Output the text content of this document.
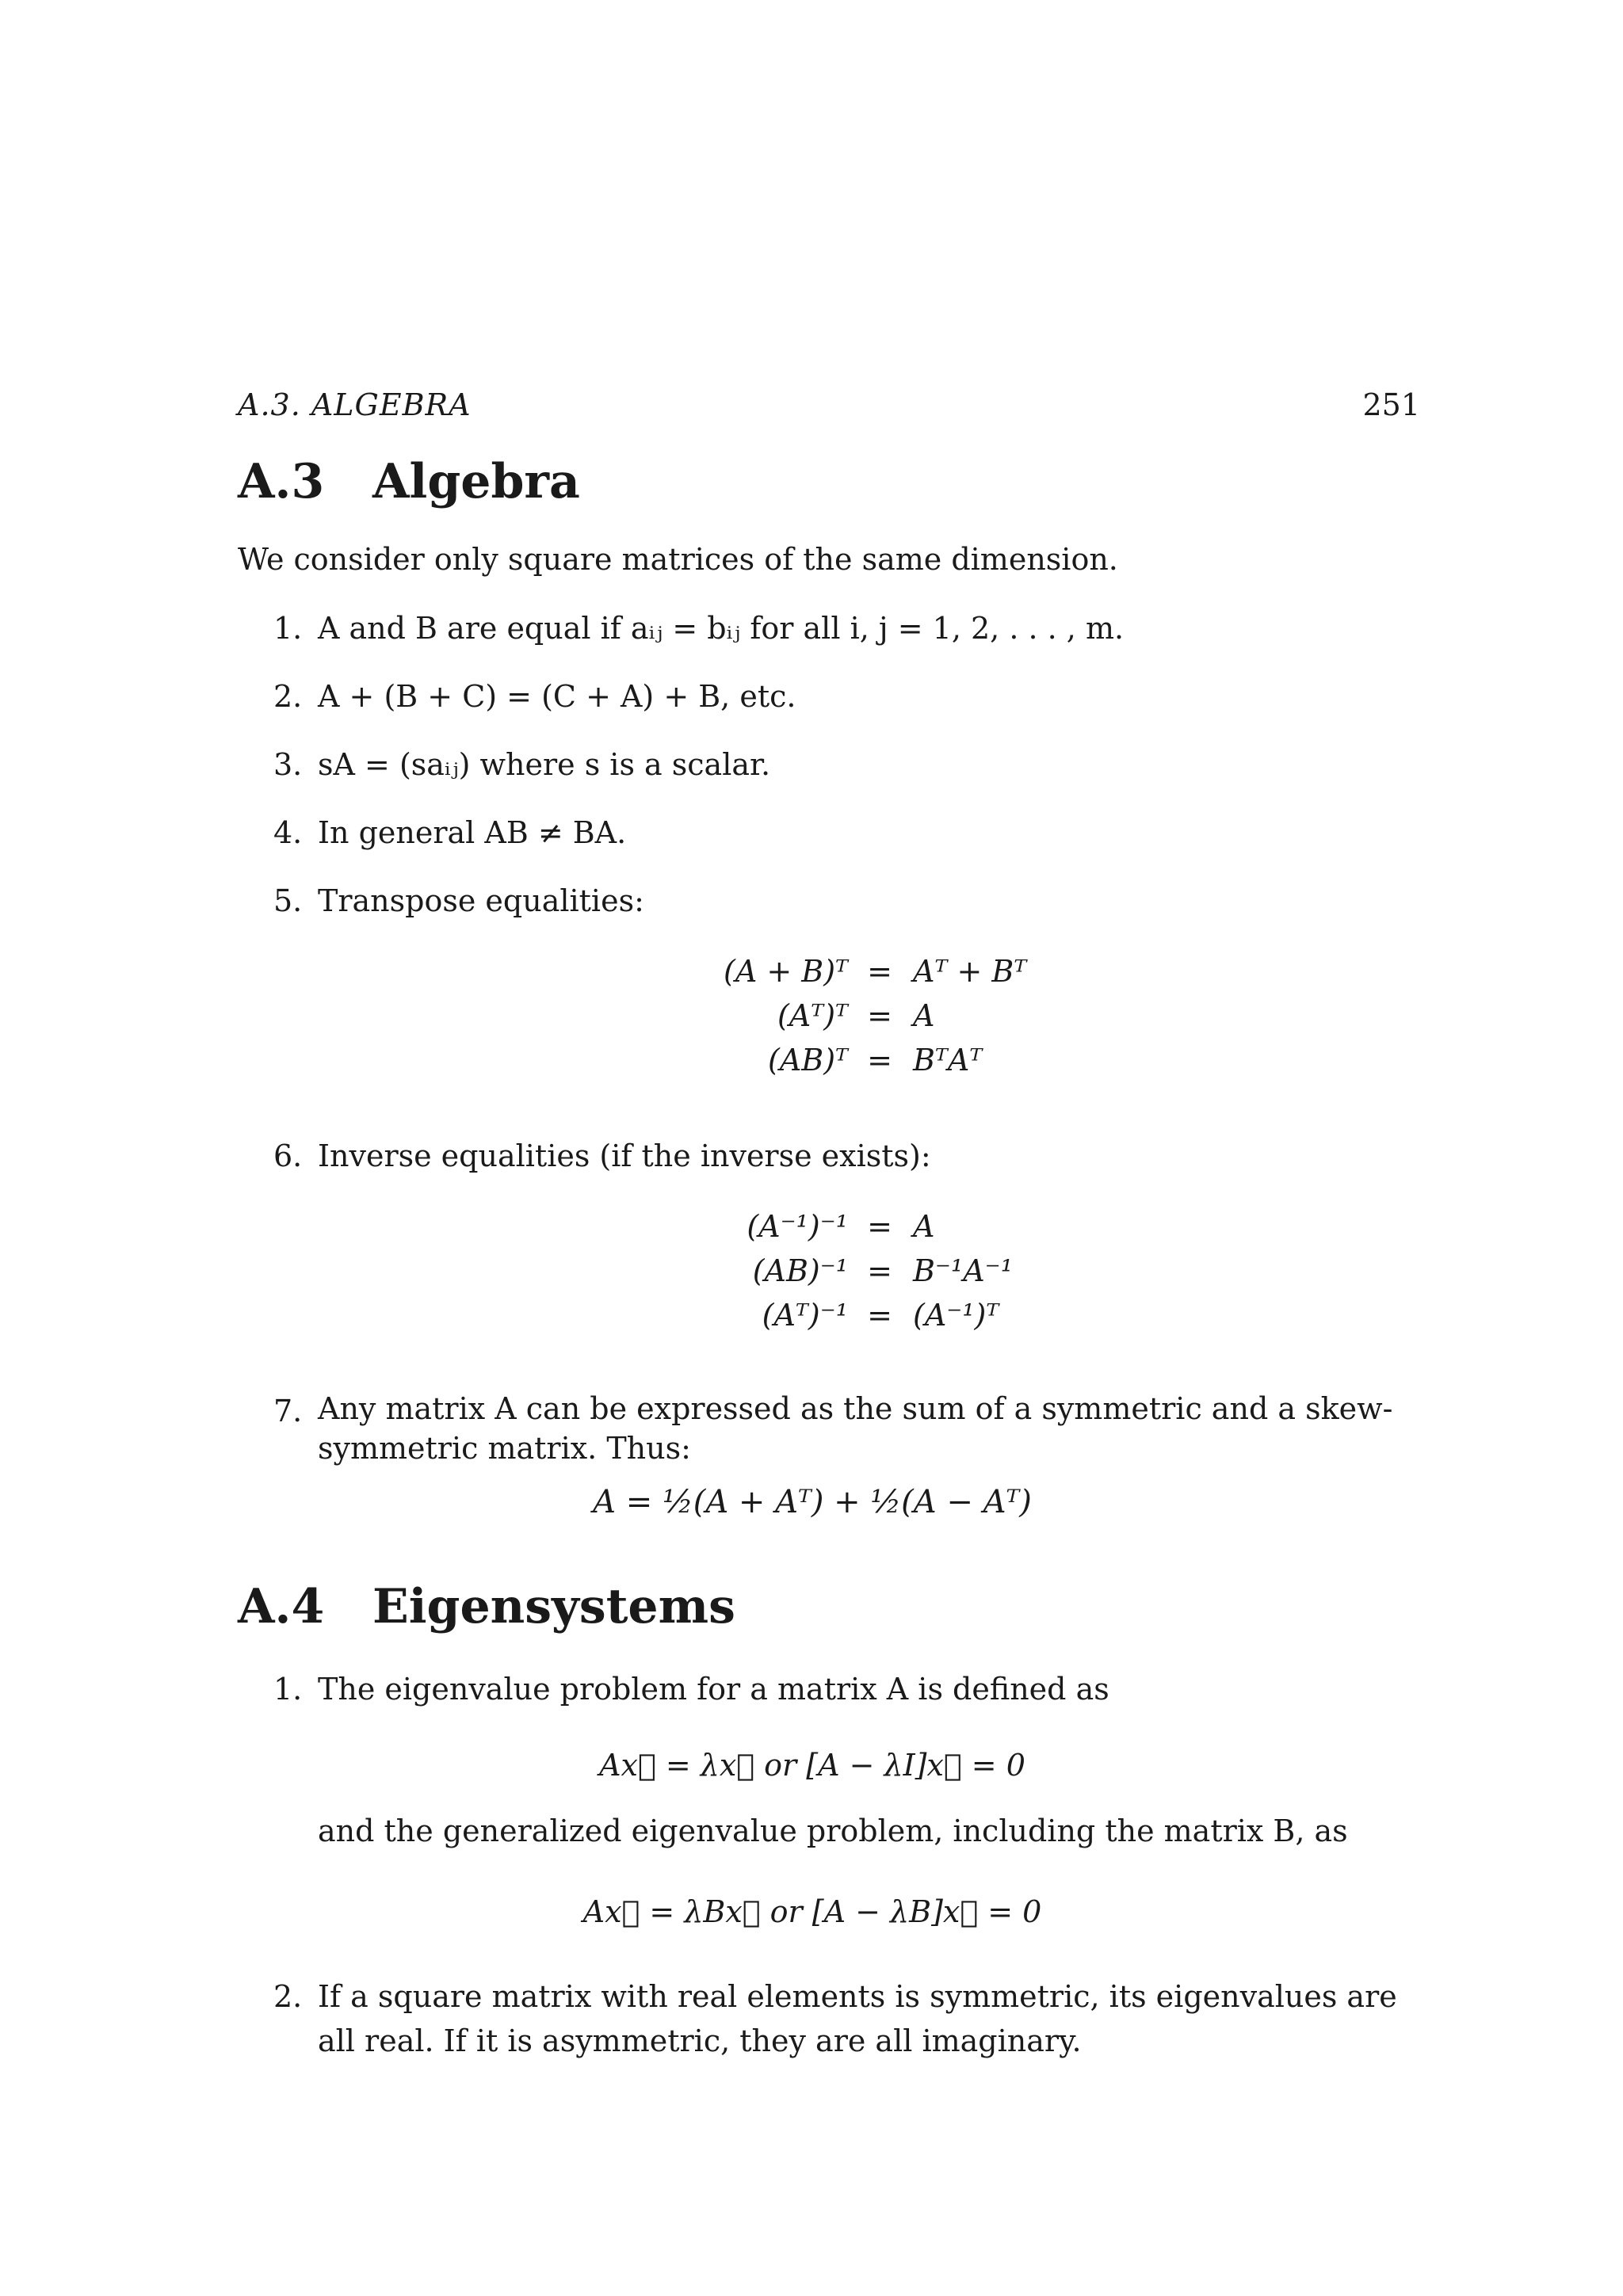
A.3. ALGEBRA	251
A.3 Algebra
We consider only square matrices of the same dimension.
1. A and B are equal if aᵢⱼ = bᵢⱼ for all i, j = 1, 2, . . . , m.
2. A + (B + C) = (C + A) + B, etc.
3. sA = (saᵢⱼ) where s is a scalar.
4. In general AB ≠ BA.
5. Transpose equalities:
(A + B)ᵀ = Aᵀ + Bᵀ
(Aᵀ)ᵀ = A
(AB)ᵀ = BᵀAᵀ
6. Inverse equalities (if the inverse exists):
(A⁻¹)⁻¹ = A
(AB)⁻¹ = B⁻¹A⁻¹
(Aᵀ)⁻¹ = (A⁻¹)ᵀ
7. Any matrix A can be expressed as the sum of a symmetric and a skew-symmetric matrix. Thus:
A = ½(A + Aᵀ) + ½(A − Aᵀ)
A.4 Eigensystems
1. The eigenvalue problem for a matrix A is defined as
Ax⃗ = λx⃗ or [A − λI]x⃗ = 0
and the generalized eigenvalue problem, including the matrix B, as
Ax⃗ = λBx⃗ or [A − λB]x⃗ = 0
2. If a square matrix with real elements is symmetric, its eigenvalues are all real. If it is asymmetric, they are all imaginary.
